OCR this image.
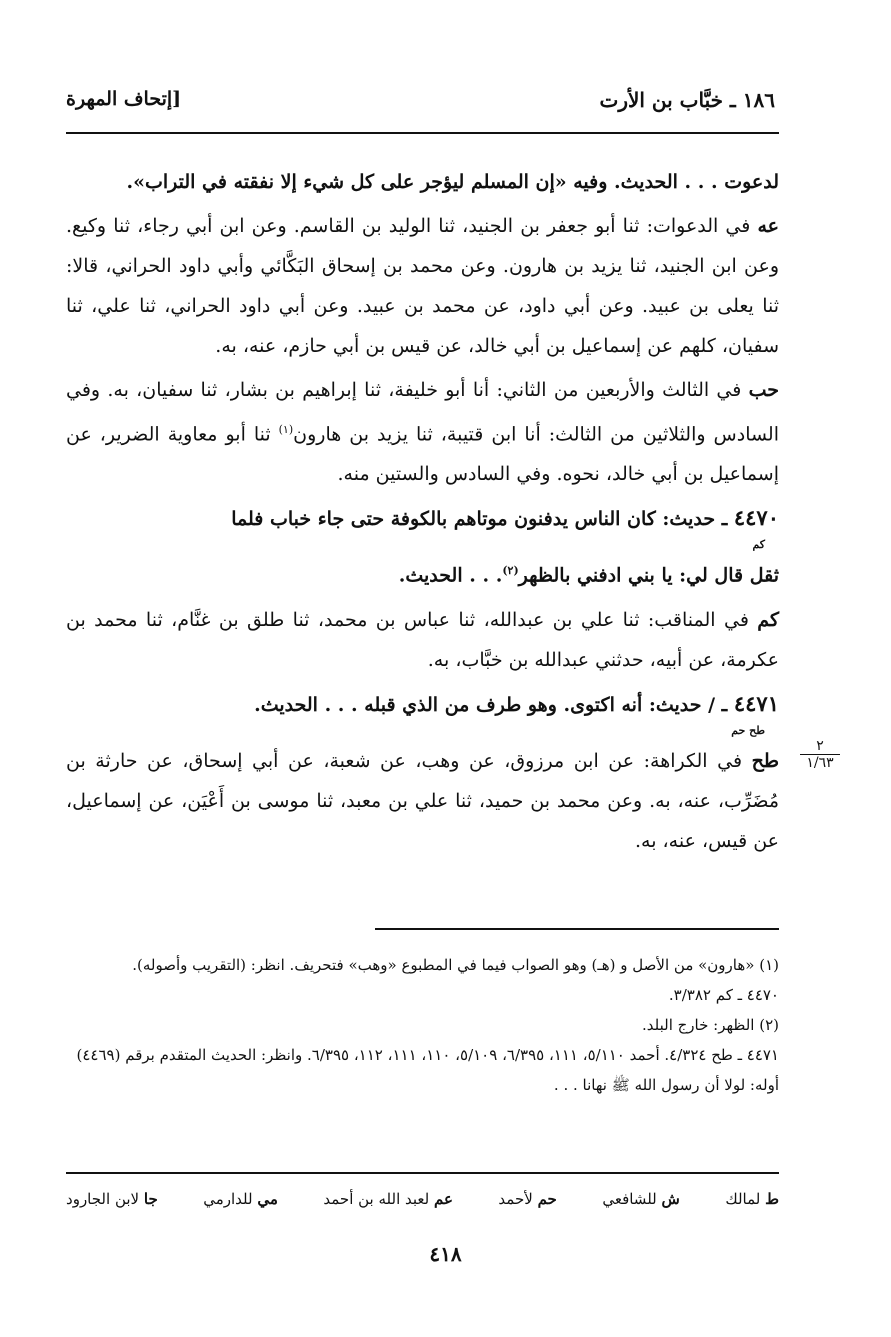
١٨٦ ـ خبَّاب بن الأرت
[إتحاف المهرة

لدعوت . . . الحديث. وفيه «إن المسلم ليؤجر على كل شيء إلا نفقته في التراب».

عه في الدعوات: ثنا أبو جعفر بن الجنيد، ثنا الوليد بن القاسم. وعن ابن أبي رجاء، ثنا وكيع. وعن ابن الجنيد، ثنا يزيد بن هارون. وعن محمد بن إسحاق البَكَّائي وأبي داود الحراني، قالا: ثنا يعلى بن عبيد. وعن أبي داود، عن محمد بن عبيد. وعن أبي داود الحراني، ثنا علي، ثنا سفيان، كلهم عن إسماعيل بن أبي خالد، عن قيس بن أبي حازم، عنه، به.

حب في الثالث والأربعين من الثاني: أنا أبو خليفة، ثنا إبراهيم بن بشار، ثنا سفيان، به. وفي السادس والثلاثين من الثالث: أنا ابن قتيبة، ثنا يزيد بن هارون$^{(١)}$ ثنا أبو معاوية الضرير، عن إسماعيل بن أبي خالد، نحوه. وفي السادس والستين منه.

٤٤٧٠ ـ حديث: كان الناس يدفنون موتاهم بالكوفة حتى جاء خباب فلما
كم
ثقل قال لي: يا بني ادفني بالظهر$^{(٢)}$. . . الحديث.

كم في المناقب: ثنا علي بن عبدالله، ثنا عباس بن محمد، ثنا طلق بن غنَّام، ثنا محمد بن عكرمة، عن أبيه، حدثني عبدالله بن خبَّاب، به.

٤٤٧١ ـ / حديث: أنه اكتوى. وهو طرف من الذي قبله . . . الحديث.
طح حم

طح في الكراهة: عن ابن مرزوق، عن وهب، عن شعبة، عن أبي إسحاق، عن حارثة بن مُضَرِّب، عنه، به. وعن محمد بن حميد، ثنا علي بن معبد، ثنا موسى بن أَعْيَن، عن إسماعيل، عن قيس، عنه، به.

٢
١/٦٣

(١) «هارون» من الأصل و (هـ) وهو الصواب فيما في المطبوع «وهب» فتحريف. انظر: (التقريب وأصوله).

٤٤٧٠ ـ كم ٣/٣٨٢.

(٢) الظهر: خارج البلد.

٤٤٧١ ـ طح ٤/٣٢٤. أحمد ٥/١١٠، ١١١، ٦/٣٩٥، ٥/١٠٩، ١١٠، ١١١، ١١٢، ٦/٣٩٥. وانظر: الحديث المتقدم برقم (٤٤٦٩) أوله: لولا أن رسول الله ﷺ نهانا . . .

ط لمالك
ش للشافعي
حم لأحمد
عم لعبد الله بن أحمد
مي للدارمي
جا لابن الجارود
٤١٨
